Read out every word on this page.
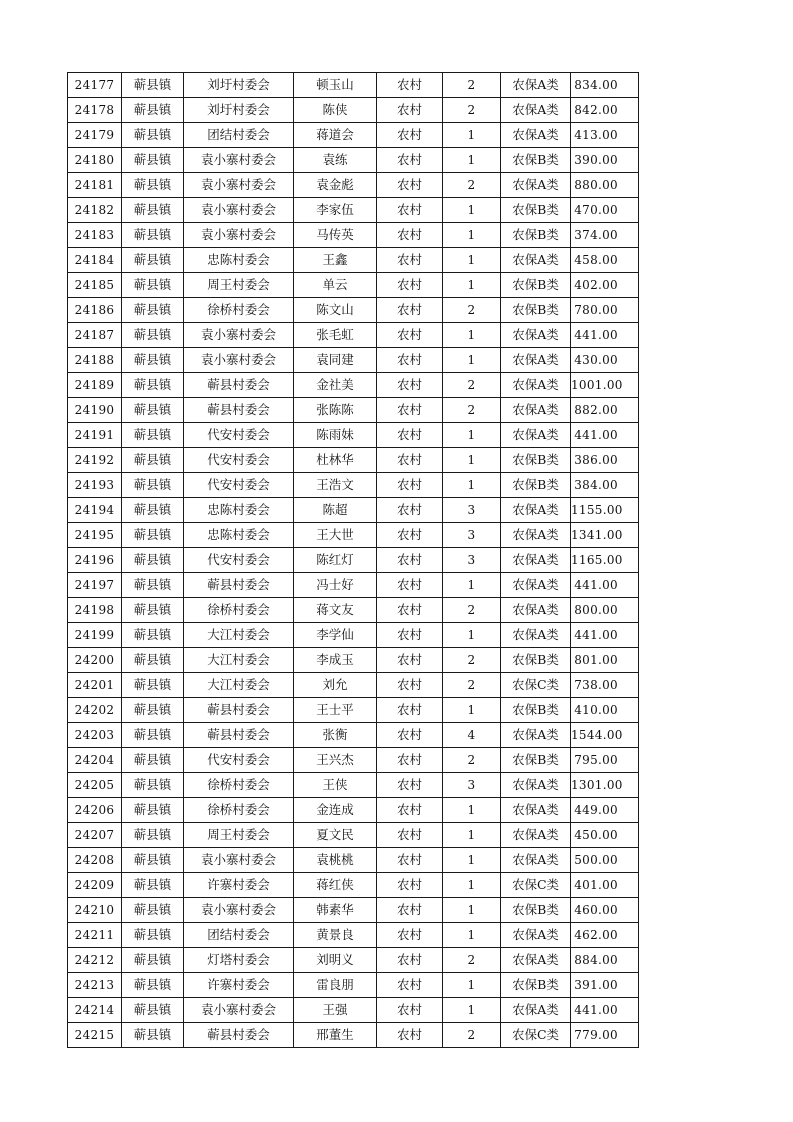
24177	蕲县镇	刘圩村委会	顿玉山	农村	2	农保A类	834.00
24178	蕲县镇	刘圩村委会	陈侠	农村	2	农保A类	842.00
24179	蕲县镇	团结村委会	蒋道会	农村	1	农保A类	413.00
24180	蕲县镇	袁小寨村委会	袁练	农村	1	农保B类	390.00
24181	蕲县镇	袁小寨村委会	袁金彪	农村	2	农保A类	880.00
24182	蕲县镇	袁小寨村委会	李家伍	农村	1	农保B类	470.00
24183	蕲县镇	袁小寨村委会	马传英	农村	1	农保B类	374.00
24184	蕲县镇	忠陈村委会	王鑫	农村	1	农保A类	458.00
24185	蕲县镇	周王村委会	单云	农村	1	农保B类	402.00
24186	蕲县镇	徐桥村委会	陈文山	农村	2	农保B类	780.00
24187	蕲县镇	袁小寨村委会	张毛虹	农村	1	农保A类	441.00
24188	蕲县镇	袁小寨村委会	袁同建	农村	1	农保A类	430.00
24189	蕲县镇	蕲县村委会	金社美	农村	2	农保A类	1001.00
24190	蕲县镇	蕲县村委会	张陈陈	农村	2	农保A类	882.00
24191	蕲县镇	代安村委会	陈雨妹	农村	1	农保A类	441.00
24192	蕲县镇	代安村委会	杜林华	农村	1	农保B类	386.00
24193	蕲县镇	代安村委会	王浩文	农村	1	农保B类	384.00
24194	蕲县镇	忠陈村委会	陈超	农村	3	农保A类	1155.00
24195	蕲县镇	忠陈村委会	王大世	农村	3	农保A类	1341.00
24196	蕲县镇	代安村委会	陈红灯	农村	3	农保A类	1165.00
24197	蕲县镇	蕲县村委会	冯士好	农村	1	农保A类	441.00
24198	蕲县镇	徐桥村委会	蒋文友	农村	2	农保A类	800.00
24199	蕲县镇	大江村委会	李学仙	农村	1	农保A类	441.00
24200	蕲县镇	大江村委会	李成玉	农村	2	农保B类	801.00
24201	蕲县镇	大江村委会	刘允	农村	2	农保C类	738.00
24202	蕲县镇	蕲县村委会	王士平	农村	1	农保B类	410.00
24203	蕲县镇	蕲县村委会	张衡	农村	4	农保A类	1544.00
24204	蕲县镇	代安村委会	王兴杰	农村	2	农保B类	795.00
24205	蕲县镇	徐桥村委会	王侠	农村	3	农保A类	1301.00
24206	蕲县镇	徐桥村委会	金连成	农村	1	农保A类	449.00
24207	蕲县镇	周王村委会	夏文民	农村	1	农保A类	450.00
24208	蕲县镇	袁小寨村委会	袁桃桃	农村	1	农保A类	500.00
24209	蕲县镇	许寨村委会	蒋红侠	农村	1	农保C类	401.00
24210	蕲县镇	袁小寨村委会	韩素华	农村	1	农保B类	460.00
24211	蕲县镇	团结村委会	黄景良	农村	1	农保A类	462.00
24212	蕲县镇	灯塔村委会	刘明义	农村	2	农保A类	884.00
24213	蕲县镇	许寨村委会	雷良朋	农村	1	农保B类	391.00
24214	蕲县镇	袁小寨村委会	王强	农村	1	农保A类	441.00
24215	蕲县镇	蕲县村委会	邢董生	农村	2	农保C类	779.00
